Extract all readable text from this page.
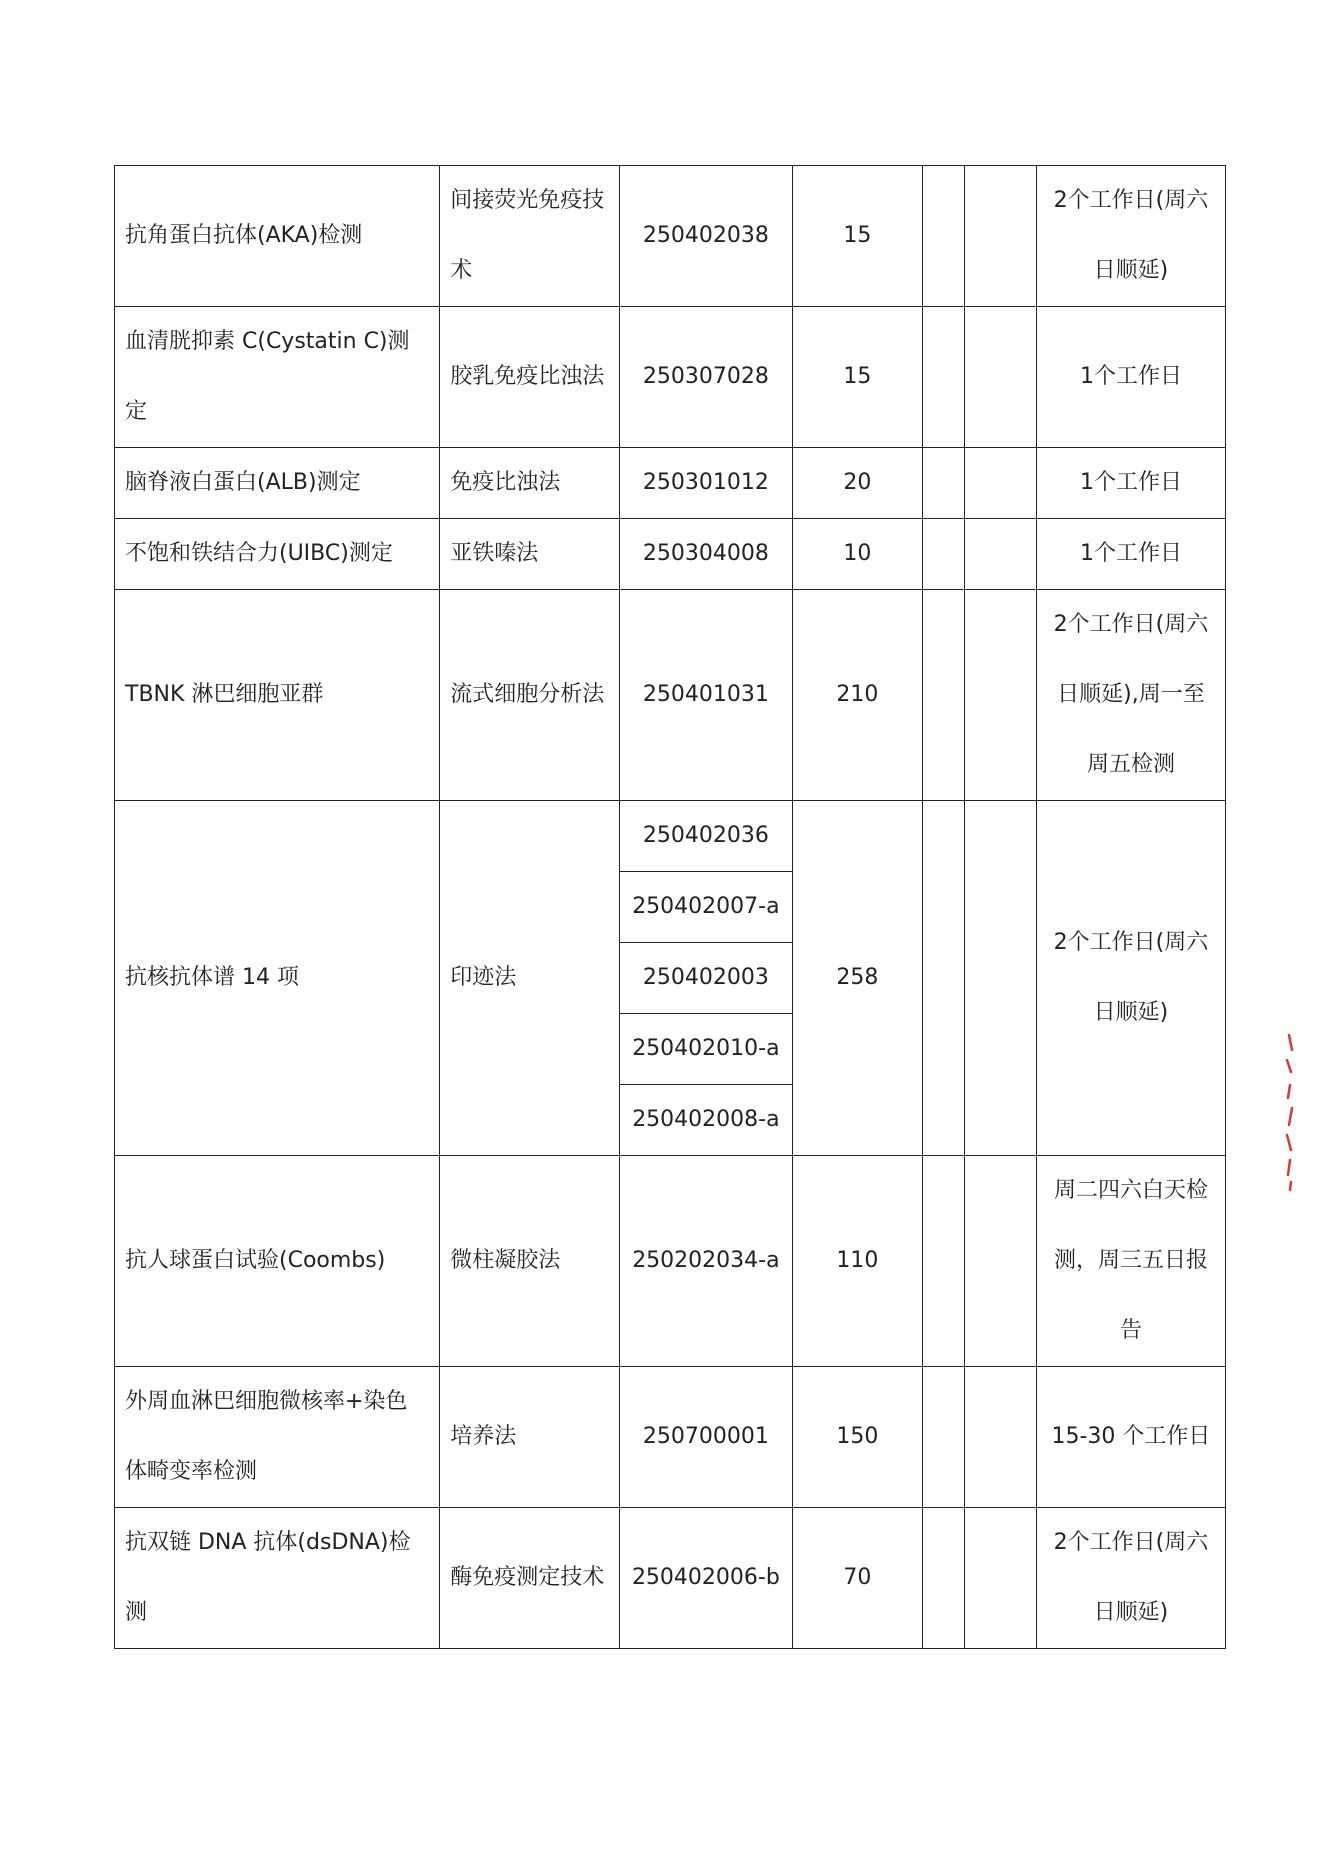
抗角蛋白抗体(AKA)检测	间接荧光免疫技术	250402038	15			2个工作日(周六日顺延)
血清胱抑素 C(Cystatin C)测定	胶乳免疫比浊法	250307028	15			1个工作日
脑脊液白蛋白(ALB)测定	免疫比浊法	250301012	20			1个工作日
不饱和铁结合力(UIBC)测定	亚铁嗪法	250304008	10			1个工作日
TBNK 淋巴细胞亚群	流式细胞分析法	250401031	210			2个工作日(周六日顺延),周一至周五检测
抗核抗体谱 14 项	印迹法	250402036	258			2个工作日(周六日顺延)
		250402007-a				
		250402003				
		250402010-a				
		250402008-a				
抗人球蛋白试验(Coombs)	微柱凝胶法	250202034-a	110			周二四六白天检测，周三五日报告
外周血淋巴细胞微核率+染色体畸变率检测	培养法	250700001	150			15-30 个工作日
抗双链 DNA 抗体(dsDNA)检测	酶免疫测定技术	250402006-b	70			2个工作日(周六日顺延)
